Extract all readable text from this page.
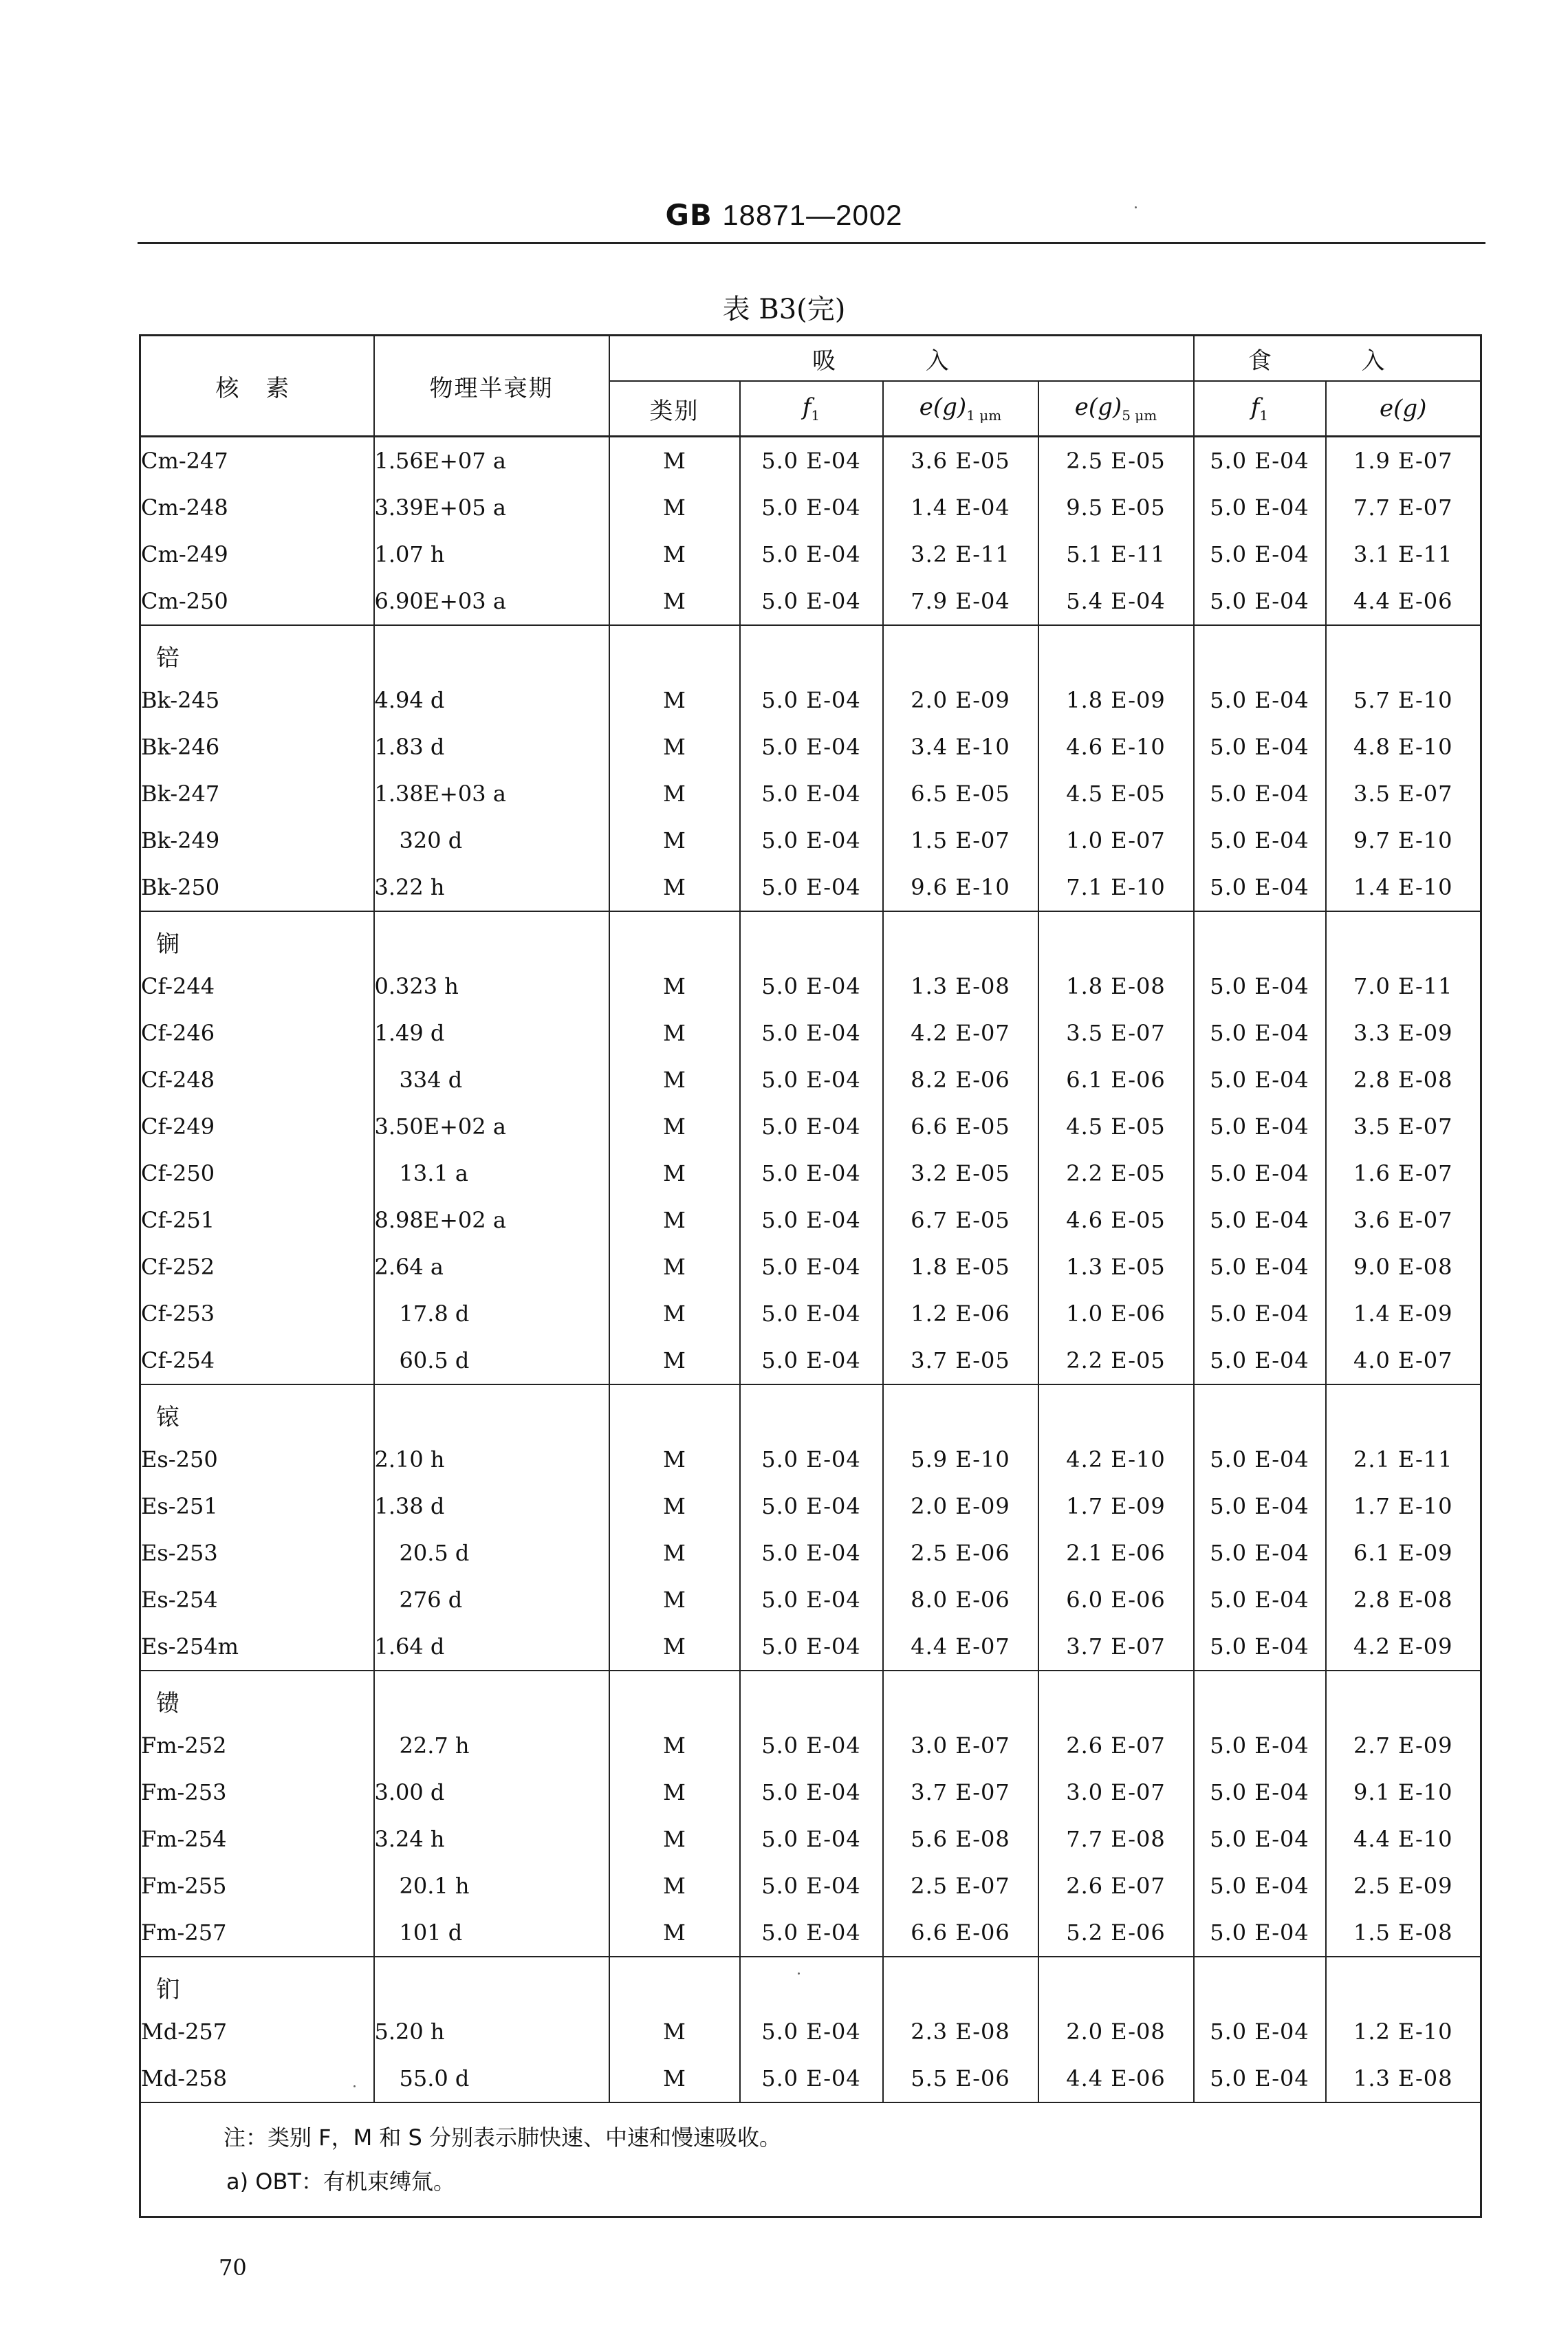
GB 18871—2002
表 B3(完)
核 素	物理半衰期	吸 入				食 入	
		类别	$f_1$	$e(g)_{1 \mu m}$	$e(g)_{5 \mu m}$	$f_1$	e(g)
Cm-247	1.56E+07 a	M	5.0 E-04	3.6 E-05	2.5 E-05	5.0 E-04	1.9 E-07
Cm-248	3.39E+05 a	M	5.0 E-04	1.4 E-04	9.5 E-05	5.0 E-04	7.7 E-07
Cm-249	1.07 h	M	5.0 E-04	3.2 E-11	5.1 E-11	5.0 E-04	3.1 E-11
Cm-250	6.90E+03 a	M	5.0 E-04	7.9 E-04	5.4 E-04	5.0 E-04	4.4 E-06
锫							
Bk-245	4.94 d	M	5.0 E-04	2.0 E-09	1.8 E-09	5.0 E-04	5.7 E-10
Bk-246	1.83 d	M	5.0 E-04	3.4 E-10	4.6 E-10	5.0 E-04	4.8 E-10
Bk-247	1.38E+03 a	M	5.0 E-04	6.5 E-05	4.5 E-05	5.0 E-04	3.5 E-07
Bk-249	320 d	M	5.0 E-04	1.5 E-07	1.0 E-07	5.0 E-04	9.7 E-10
Bk-250	3.22 h	M	5.0 E-04	9.6 E-10	7.1 E-10	5.0 E-04	1.4 E-10
锎							
Cf-244	0.323 h	M	5.0 E-04	1.3 E-08	1.8 E-08	5.0 E-04	7.0 E-11
Cf-246	1.49 d	M	5.0 E-04	4.2 E-07	3.5 E-07	5.0 E-04	3.3 E-09
Cf-248	334 d	M	5.0 E-04	8.2 E-06	6.1 E-06	5.0 E-04	2.8 E-08
Cf-249	3.50E+02 a	M	5.0 E-04	6.6 E-05	4.5 E-05	5.0 E-04	3.5 E-07
Cf-250	13.1 a	M	5.0 E-04	3.2 E-05	2.2 E-05	5.0 E-04	1.6 E-07
Cf-251	8.98E+02 a	M	5.0 E-04	6.7 E-05	4.6 E-05	5.0 E-04	3.6 E-07
Cf-252	2.64 a	M	5.0 E-04	1.8 E-05	1.3 E-05	5.0 E-04	9.0 E-08
Cf-253	17.8 d	M	5.0 E-04	1.2 E-06	1.0 E-06	5.0 E-04	1.4 E-09
Cf-254	60.5 d	M	5.0 E-04	3.7 E-05	2.2 E-05	5.0 E-04	4.0 E-07
锿							
Es-250	2.10 h	M	5.0 E-04	5.9 E-10	4.2 E-10	5.0 E-04	2.1 E-11
Es-251	1.38 d	M	5.0 E-04	2.0 E-09	1.7 E-09	5.0 E-04	1.7 E-10
Es-253	20.5 d	M	5.0 E-04	2.5 E-06	2.1 E-06	5.0 E-04	6.1 E-09
Es-254	276 d	M	5.0 E-04	8.0 E-06	6.0 E-06	5.0 E-04	2.8 E-08
Es-254m	1.64 d	M	5.0 E-04	4.4 E-07	3.7 E-07	5.0 E-04	4.2 E-09
镄							
Fm-252	22.7 h	M	5.0 E-04	3.0 E-07	2.6 E-07	5.0 E-04	2.7 E-09
Fm-253	3.00 d	M	5.0 E-04	3.7 E-07	3.0 E-07	5.0 E-04	9.1 E-10
Fm-254	3.24 h	M	5.0 E-04	5.6 E-08	7.7 E-08	5.0 E-04	4.4 E-10
Fm-255	20.1 h	M	5.0 E-04	2.5 E-07	2.6 E-07	5.0 E-04	2.5 E-09
Fm-257	101 d	M	5.0 E-04	6.6 E-06	5.2 E-06	5.0 E-04	1.5 E-08
钔							
Md-257	5.20 h	M	5.0 E-04	2.3 E-08	2.0 E-08	5.0 E-04	1.2 E-10
Md-258	55.0 d	M	5.0 E-04	5.5 E-06	4.4 E-06	5.0 E-04	1.3 E-08

注：类别 F，M 和 S 分别表示肺快速、中速和慢速吸收。
a) OBT：有机束缚氚。							
70
